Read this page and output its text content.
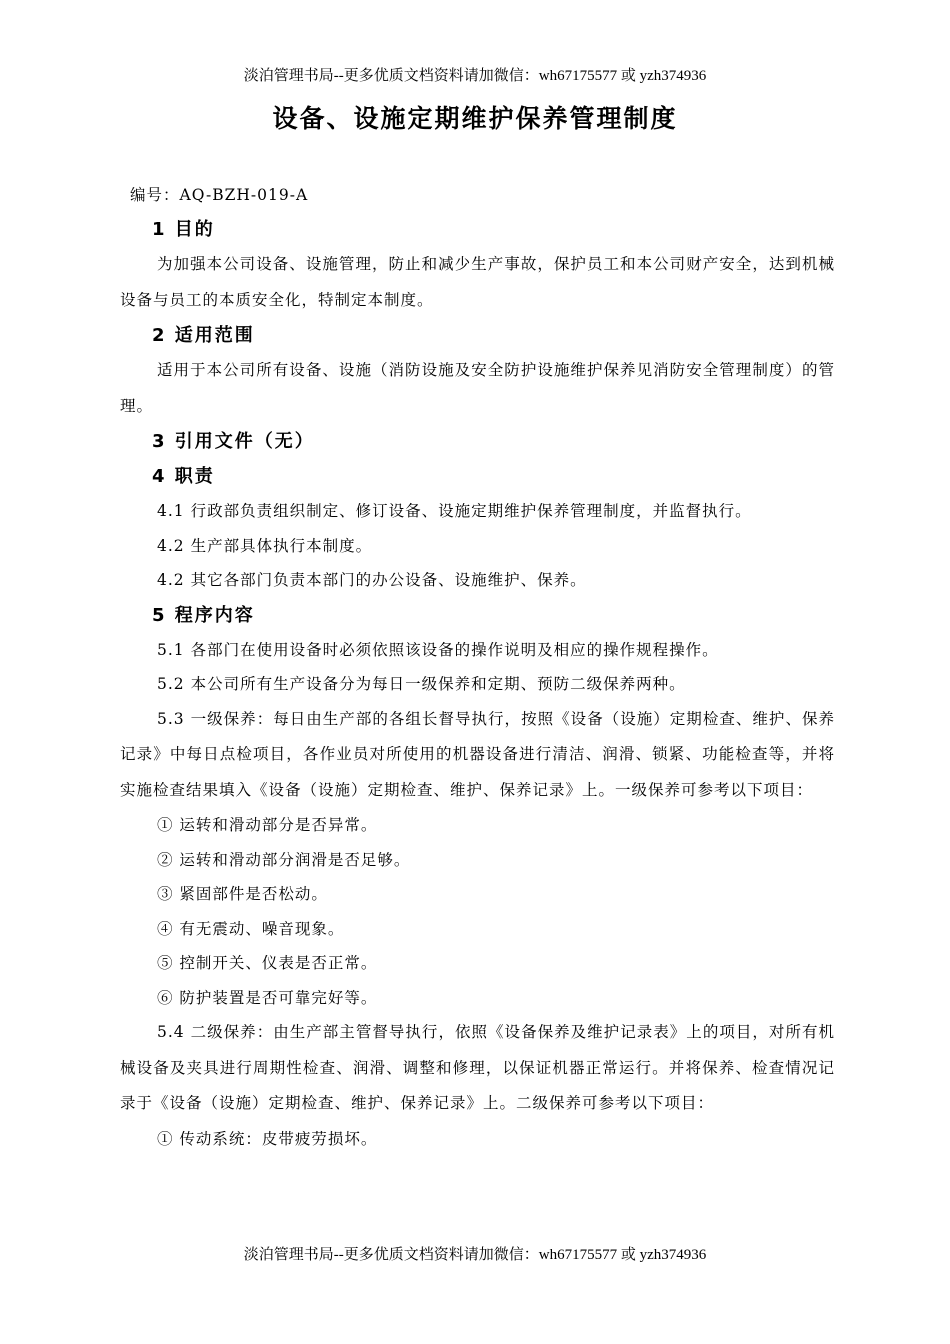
淡泊管理书局--更多优质文档资料请加微信：wh67175577 或 yzh374936
设备、设施定期维护保养管理制度
编号：AQ-BZH-019-A
1 目的

为加强本公司设备、设施管理，防止和减少生产事故，保护员工和本公司财产安全，达到机械设备与员工的本质安全化，特制定本制度。

2 适用范围

适用于本公司所有设备、设施（消防设施及安全防护设施维护保养见消防安全管理制度）的管理。

3 引用文件（无）
4 职责
4.1 行政部负责组织制定、修订设备、设施定期维护保养管理制度，并监督执行。
4.2 生产部具体执行本制度。
4.2 其它各部门负责本部门的办公设备、设施维护、保养。
5 程序内容
5.1 各部门在使用设备时必须依照该设备的操作说明及相应的操作规程操作。
5.2 本公司所有生产设备分为每日一级保养和定期、预防二级保养两种。

5.3 一级保养：每日由生产部的各组长督导执行，按照《设备（设施）定期检查、维护、保养记录》中每日点检项目，各作业员对所使用的机器设备进行清洁、润滑、锁紧、功能检查等，并将实施检查结果填入《设备（设施）定期检查、维护、保养记录》上。一级保养可参考以下项目：

① 运转和滑动部分是否异常。
② 运转和滑动部分润滑是否足够。
③ 紧固部件是否松动。
④ 有无震动、噪音现象。
⑤ 控制开关、仪表是否正常。
⑥ 防护装置是否可靠完好等。

5.4 二级保养：由生产部主管督导执行，依照《设备保养及维护记录表》上的项目，对所有机械设备及夹具进行周期性检查、润滑、调整和修理，以保证机器正常运行。并将保养、检查情况记录于《设备（设施）定期检查、维护、保养记录》上。二级保养可参考以下项目：

① 传动系统：皮带疲劳损坏。
淡泊管理书局--更多优质文档资料请加微信：wh67175577 或 yzh374936
